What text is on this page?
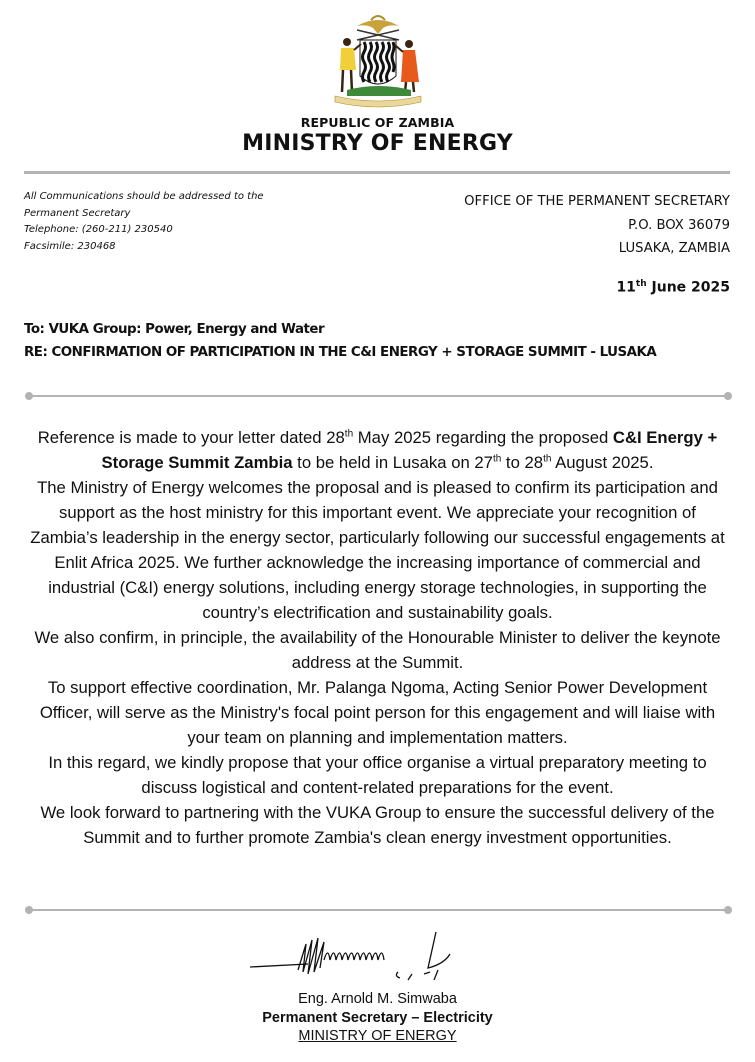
REPUBLIC OF ZAMBIA
MINISTRY OF ENERGY
All Communications should be addressed to the
Permanent Secretary
Telephone: (260-211) 230540
Facsimile: 230468
OFFICE OF THE PERMANENT SECRETARY
P.O. BOX 36079
LUSAKA, ZAMBIA
11th June 2025
To: VUKA Group: Power, Energy and Water
RE: CONFIRMATION OF PARTICIPATION IN THE C&I ENERGY + STORAGE SUMMIT - LUSAKA

Reference is made to your letter dated 28th May 2025 regarding the proposed C&I Energy + Storage Summit Zambia to be held in Lusaka on 27th to 28th August 2025.
The Ministry of Energy welcomes the proposal and is pleased to confirm its participation and support as the host ministry for this important event. We appreciate your recognition of Zambia’s leadership in the energy sector, particularly following our successful engagements at Enlit Africa 2025. We further acknowledge the increasing importance of commercial and industrial (C&I) energy solutions, including energy storage technologies, in supporting the country’s electrification and sustainability goals.

We also confirm, in principle, the availability of the Honourable Minister to deliver the keynote address at the Summit.

To support effective coordination, Mr. Palanga Ngoma, Acting Senior Power Development Officer, will serve as the Ministry's focal point person for this engagement and will liaise with your team on planning and implementation matters.

In this regard, we kindly propose that your office organise a virtual preparatory meeting to discuss logistical and content-related preparations for the event.

We look forward to partnering with the VUKA Group to ensure the successful delivery of the Summit and to further promote Zambia's clean energy investment opportunities.

Eng. Arnold M. Simwaba
Permanent Secretary – Electricity
MINISTRY OF ENERGY
